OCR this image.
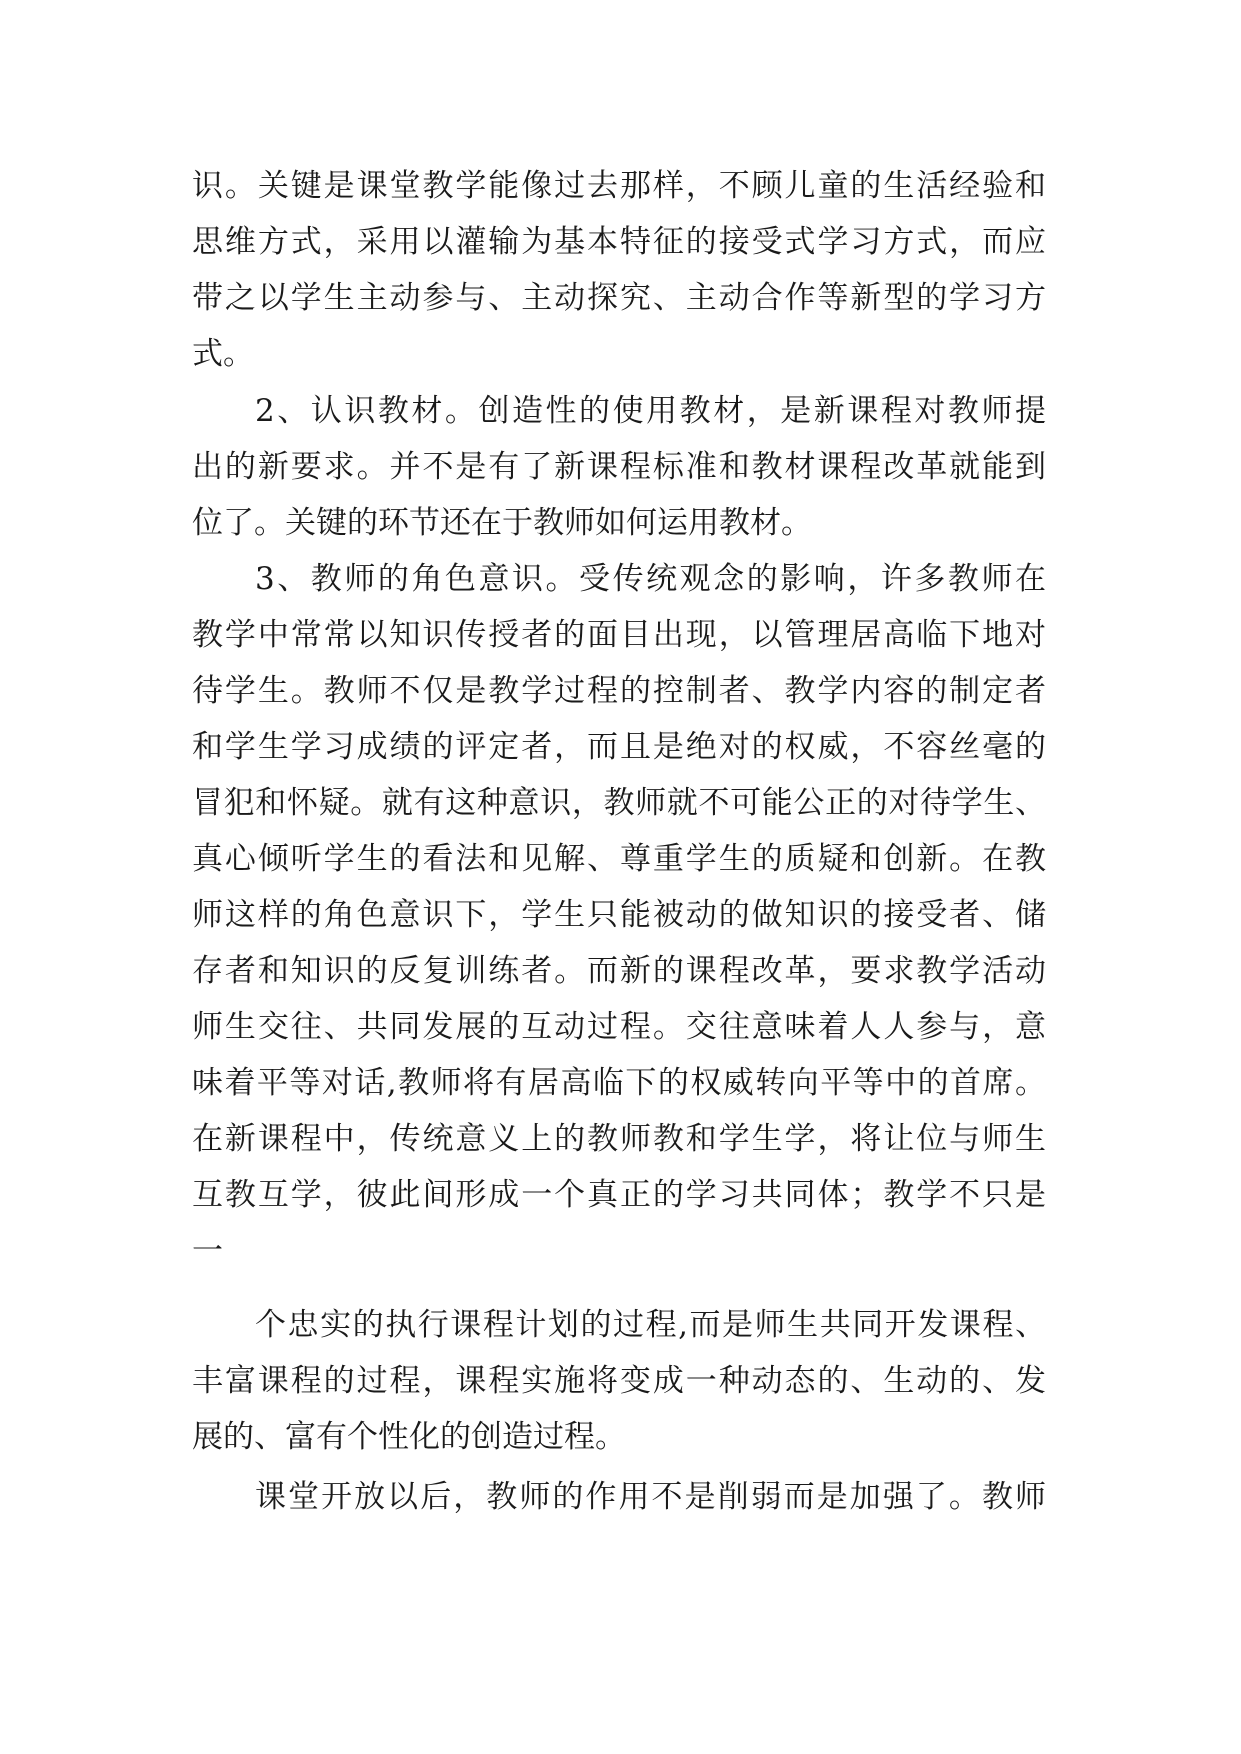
识。关键是课堂教学能像过去那样，不顾儿童的生活经验和
思维方式，采用以灌输为基本特征的接受式学习方式，而应
带之以学生主动参与、主动探究、主动合作等新型的学习方
式。
2、认识教材。创造性的使用教材，是新课程对教师提
出的新要求。并不是有了新课程标准和教材课程改革就能到
位了。关键的环节还在于教师如何运用教材。
3、教师的角色意识。受传统观念的影响，许多教师在
教学中常常以知识传授者的面目出现，以管理居高临下地对
待学生。教师不仅是教学过程的控制者、教学内容的制定者
和学生学习成绩的评定者，而且是绝对的权威，不容丝毫的
冒犯和怀疑。就有这种意识，教师就不可能公正的对待学生、
真心倾听学生的看法和见解、尊重学生的质疑和创新。在教
师这样的角色意识下，学生只能被动的做知识的接受者、储
存者和知识的反复训练者。而新的课程改革，要求教学活动
师生交往、共同发展的互动过程。交往意味着人人参与，意
味着平等对话,教师将有居高临下的权威转向平等中的首席。
在新课程中，传统意义上的教师教和学生学，将让位与师生
互教互学，彼此间形成一个真正的学习共同体；教学不只是
一
个忠实的执行课程计划的过程,而是师生共同开发课程、
丰富课程的过程，课程实施将变成一种动态的、生动的、发
展的、富有个性化的创造过程。
课堂开放以后，教师的作用不是削弱而是加强了。教师
